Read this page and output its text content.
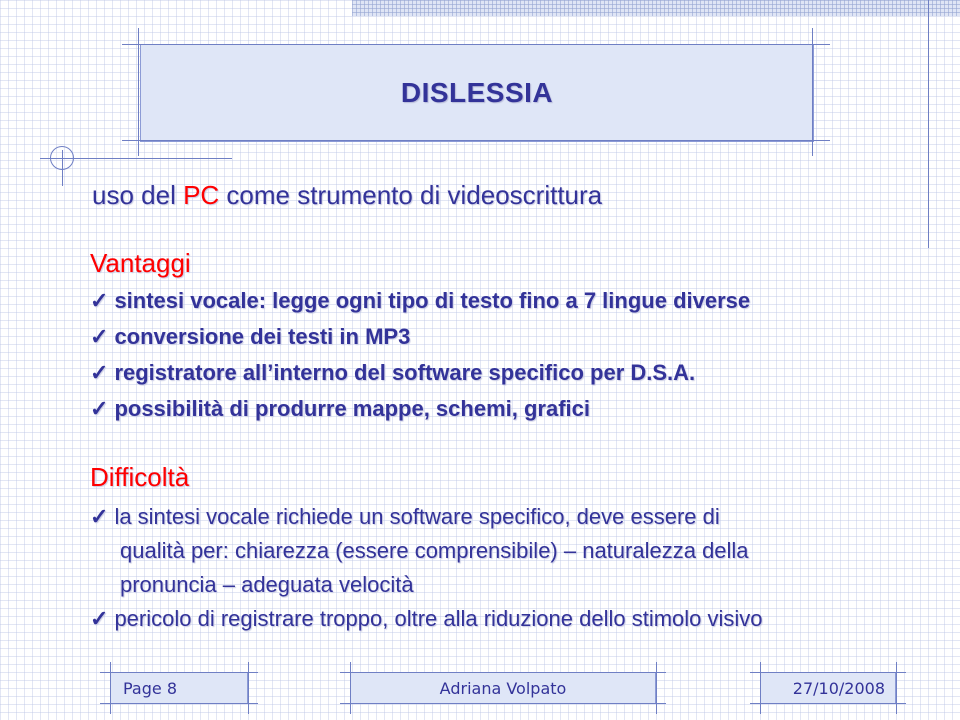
DISLESSIA
uso del PC come strumento di videoscrittura
Vantaggi
✓ sintesi vocale: legge ogni tipo di testo fino a 7 lingue diverse
✓ conversione dei testi in MP3
✓ registratore all’interno del software specifico per D.S.A.
✓ possibilità di produrre mappe, schemi, grafici
Difficoltà
✓ la sintesi vocale richiede un software specifico, deve essere di
qualità per: chiarezza (essere comprensibile) – naturalezza della
pronuncia – adeguata velocità
✓ pericolo di registrare troppo, oltre alla riduzione dello stimolo visivo
Page 8	Adriana Volpato	27/10/2008
